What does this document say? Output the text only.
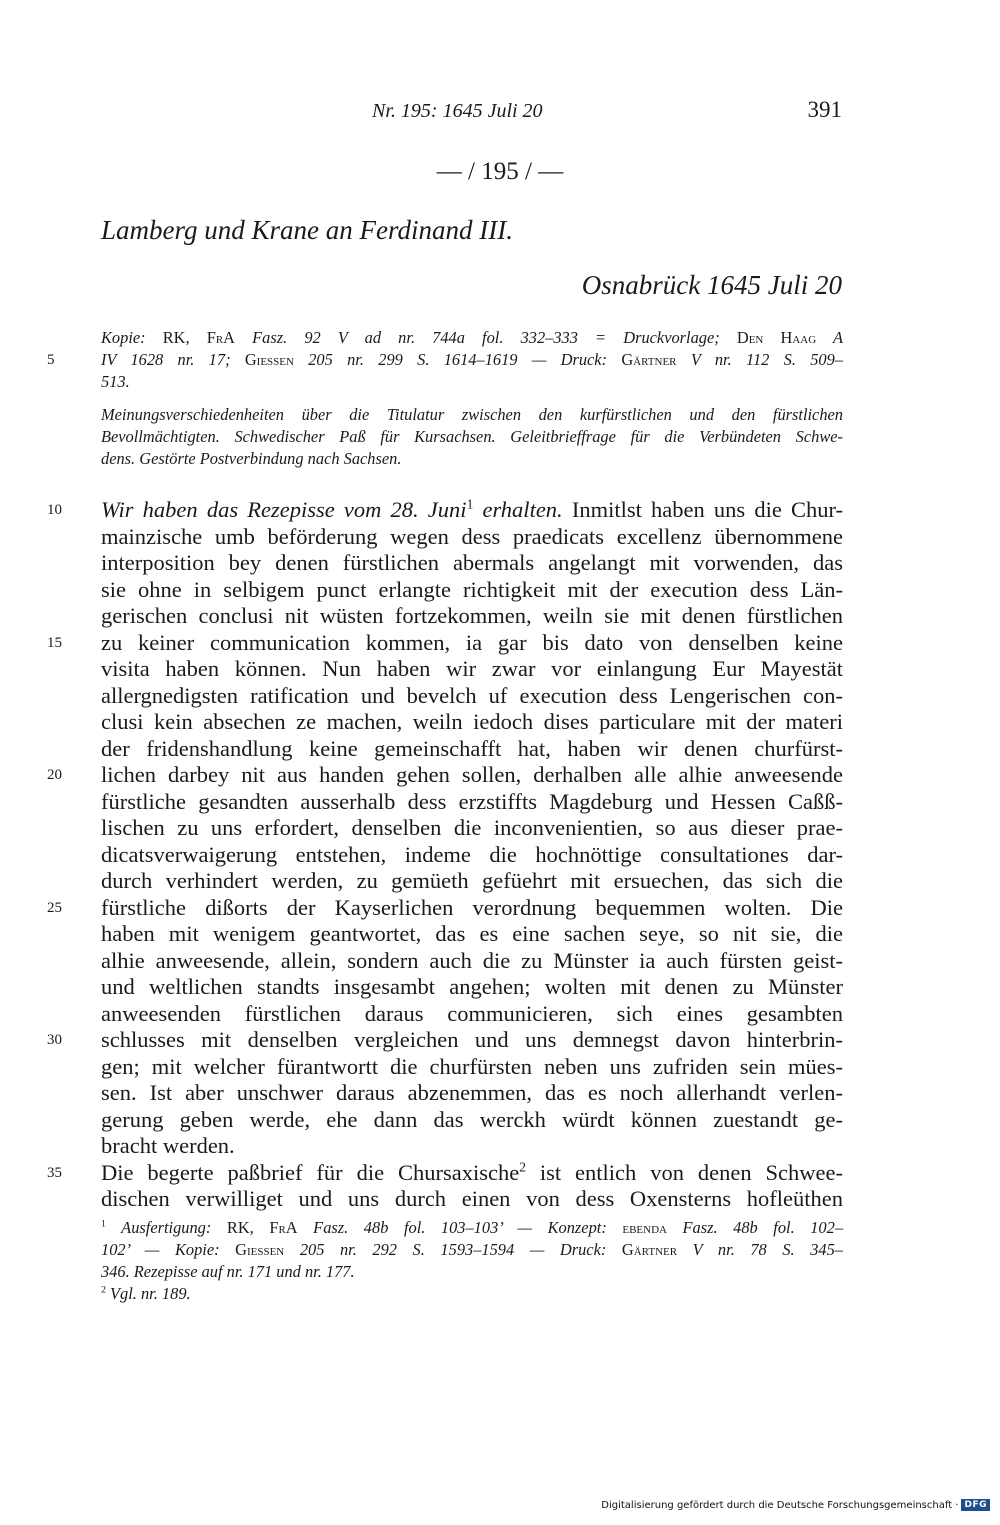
Nr. 195: 1645 Juli 20	391
— / 195 / —
Lamberg und Krane an Ferdinand III.
Osnabrück 1645 Juli 20
Kopie: RK, FrA Fasz. 92 V ad nr. 744a fol. 332–333 = Druckvorlage; Den Haag A
5	IV 1628 nr. 17; Giessen 205 nr. 299 S. 1614–1619 — Druck: Gärtner V nr. 112 S. 509–
513.
Meinungsverschiedenheiten über die Titulatur zwischen den kurfürstlichen und den fürstlichen
Bevollmächtigten. Schwedischer Paß für Kursachsen. Geleitbrieffrage für die Verbündeten Schwe-
dens. Gestörte Postverbindung nach Sachsen.
10	Wir haben das Rezepisse vom 28. Juni$^1$ erhalten. Inmitlst haben uns die Chur-
mainzische umb beförderung wegen dess praedicats excellenz übernommene
interposition bey denen fürstlichen abermals angelangt mit vorwenden, das
sie ohne in selbigem punct erlangte richtigkeit mit der execution dess Län-
gerischen conclusi nit wüsten fortzekommen, weiln sie mit denen fürstlichen
15	zu keiner communication kommen, ia gar bis dato von denselben keine
visita haben können. Nun haben wir zwar vor einlangung Eur Mayestät
allergnedigsten ratification und bevelch uf execution dess Lengerischen con-
clusi kein absechen ze machen, weiln iedoch dises particulare mit der materi
der fridenshandlung keine gemeinschafft hat, haben wir denen churfürst-
20	lichen darbey nit aus handen gehen sollen, derhalben alle alhie anweesende
fürstliche gesandten ausserhalb dess erzstiffts Magdeburg und Hessen Caßß-
lischen zu uns erfordert, denselben die inconvenientien, so aus dieser prae-
dicatsverwaigerung entstehen, indeme die hochnöttige consultationes dar-
durch verhindert werden, zu gemüeth gefüehrt mit ersuechen, das sich die
25	fürstliche dißorts der Kayserlichen verordnung bequemmen wolten. Die
haben mit wenigem geantwortet, das es eine sachen seye, so nit sie, die
alhie anweesende, allein, sondern auch die zu Münster ia auch fürsten geist-
und weltlichen standts insgesambt angehen; wolten mit denen zu Münster
anweesenden fürstlichen daraus communicieren, sich eines gesambten
30	schlusses mit denselben vergleichen und uns demnegst davon hinterbrin-
gen; mit welcher fürantwortt die churfürsten neben uns zufriden sein mües-
sen. Ist aber unschwer daraus abzenemmen, das es noch allerhandt verlen-
gerung geben werde, ehe dann das werckh würdt können zuestandt ge-
bracht werden.
35	Die begerte paßbrief für die Chursaxische$^2$ ist entlich von denen Schwee-
dischen verwilliget und uns durch einen von dess Oxensterns hofleüthen
$^1$ Ausfertigung: RK, FrA Fasz. 48b fol. 103–103’ — Konzept: ebenda Fasz. 48b fol. 102–
102’ — Kopie: Giessen 205 nr. 292 S. 1593–1594 — Druck: Gärtner V nr. 78 S. 345–
346. Rezepisse auf nr. 171 und nr. 177.
$^2$ Vgl. nr. 189.
Digitalisierung gefördert durch die Deutsche Forschungsgemeinschaft · DFG
